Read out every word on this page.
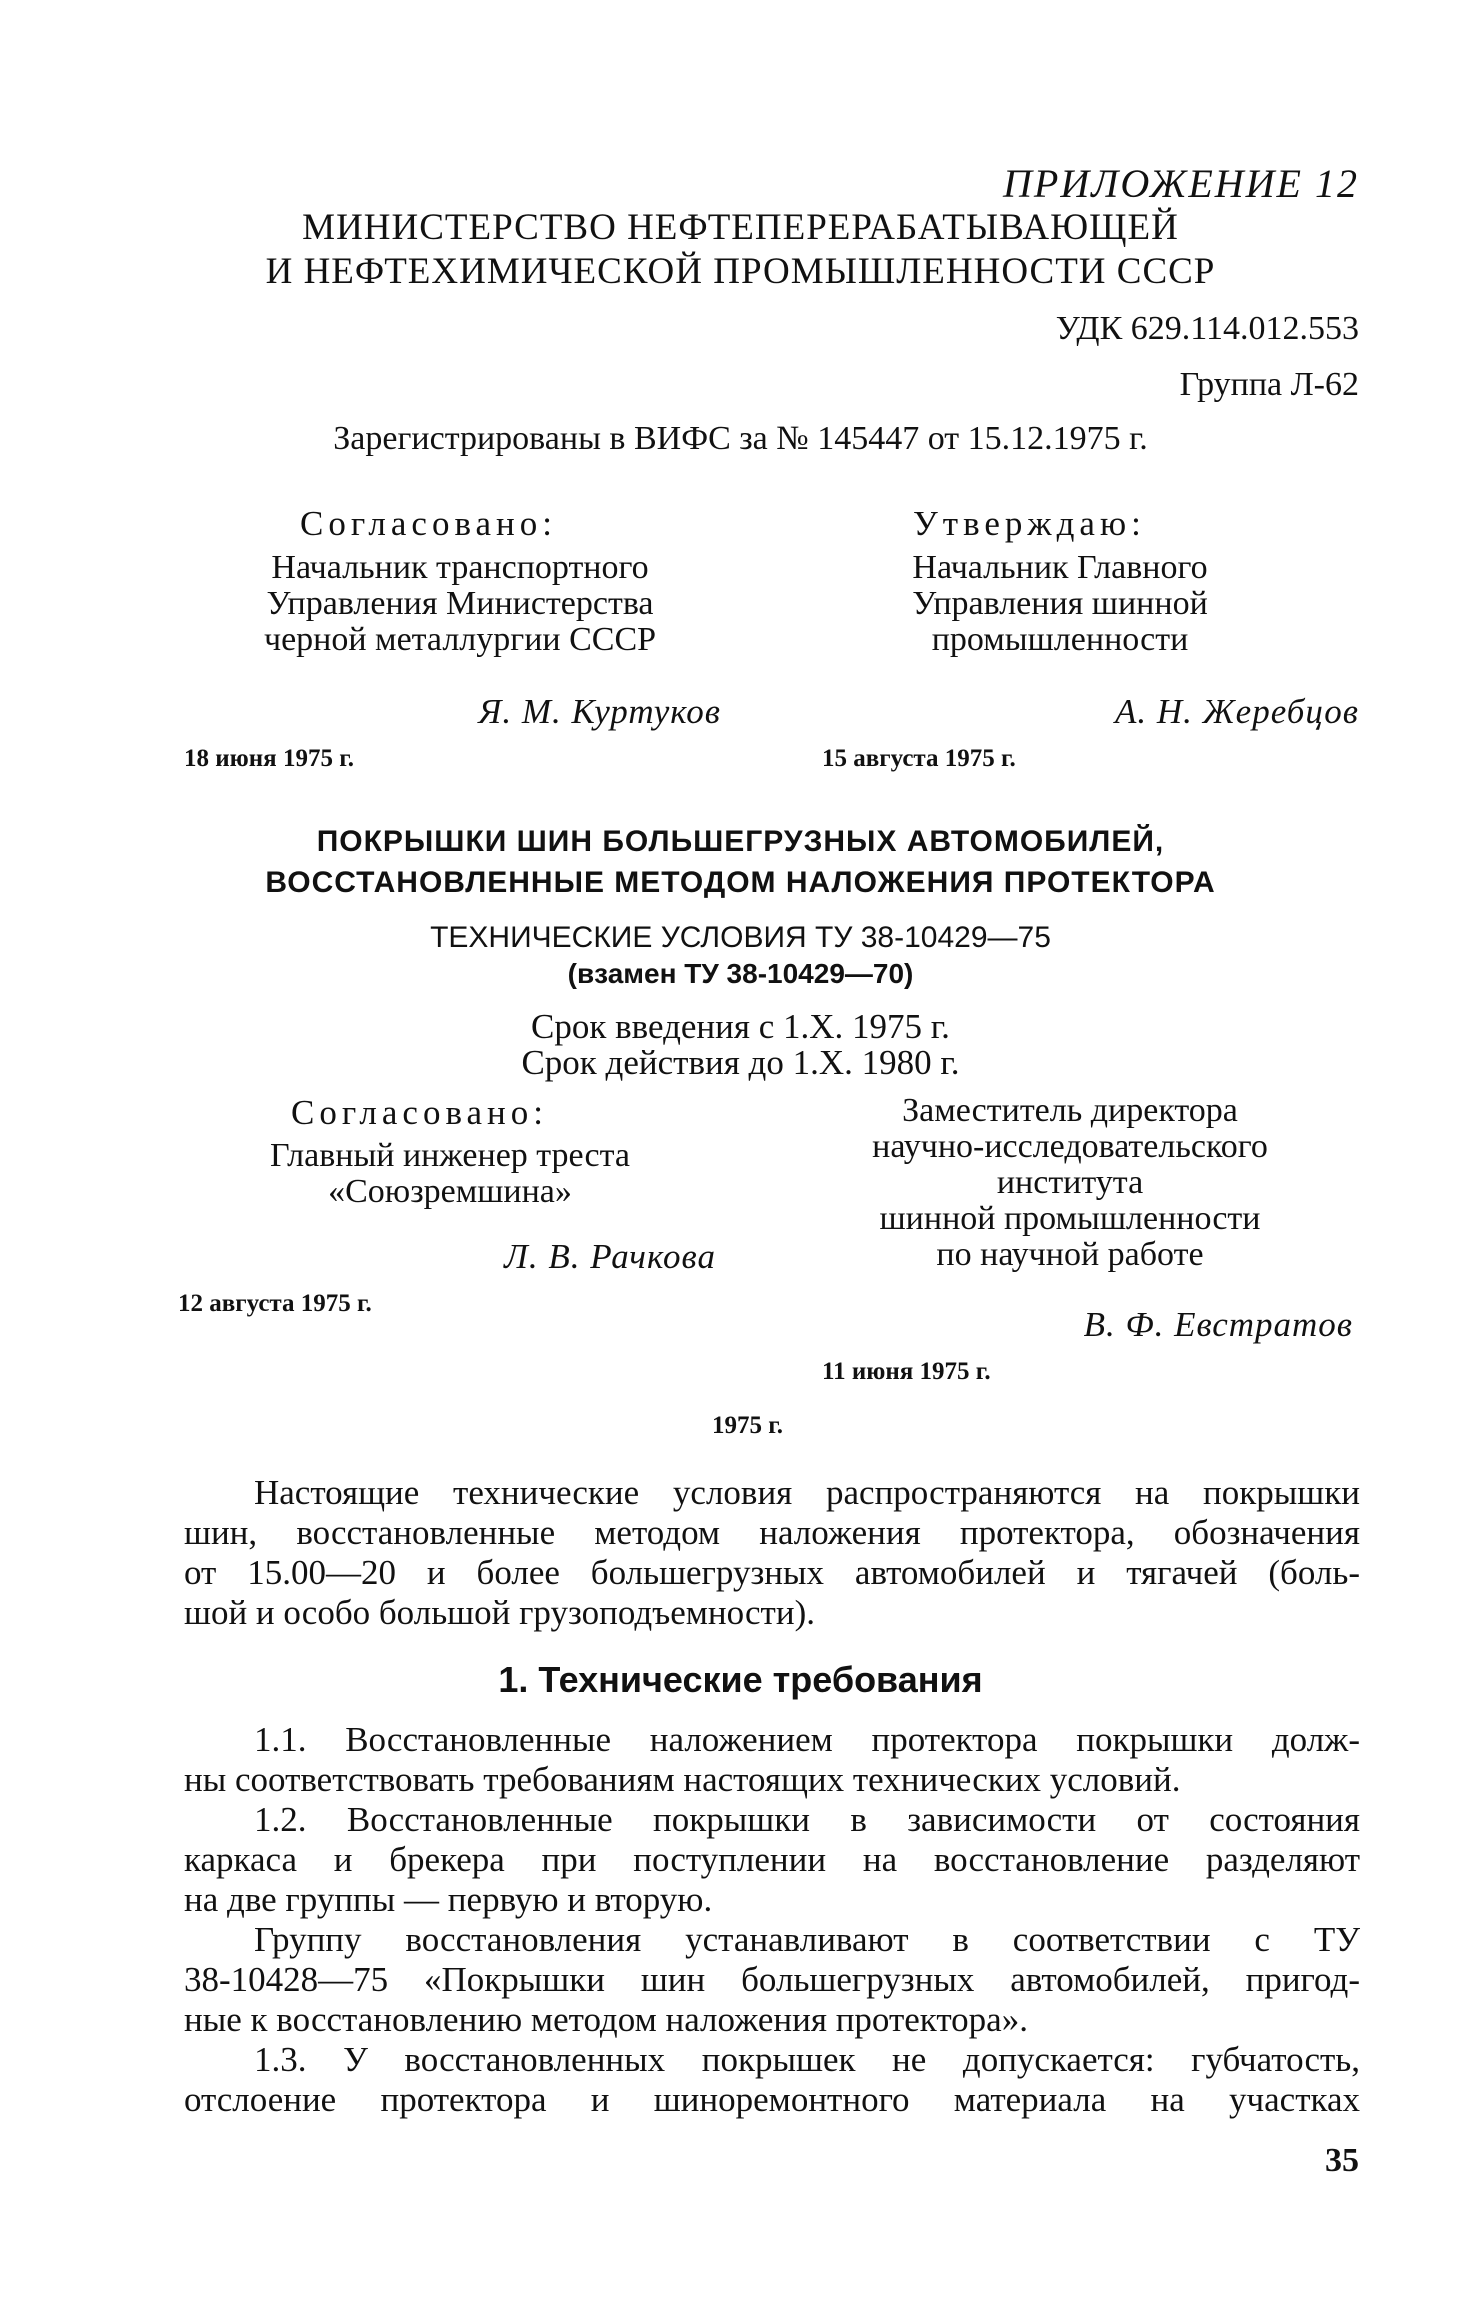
ПРИЛОЖЕНИЕ 12
МИНИСТЕРСТВО НЕФТЕПЕРЕРАБАТЫВАЮЩЕЙ
И НЕФТЕХИМИЧЕСКОЙ ПРОМЫШЛЕННОСТИ СССР
УДК 629.114.012.553
Группа Л-62
Зарегистрированы в ВИФС за № 145447 от 15.12.1975 г.
Согласовано:
Начальник транспортного
Управления Министерства
черной металлургии СССР
Я. М. Куртуков
18 июня 1975 г.
Утверждаю:
Начальник Главного
Управления шинной
промышленности
А. Н. Жеребцов
15 августа 1975 г.
ПОКРЫШКИ ШИН БОЛЬШЕГРУЗНЫХ АВТОМОБИЛЕЙ,
ВОССТАНОВЛЕННЫЕ МЕТОДОМ НАЛОЖЕНИЯ ПРОТЕКТОРА
ТЕХНИЧЕСКИЕ УСЛОВИЯ ТУ 38-10429—75
(взамен ТУ 38-10429—70)
Срок введения с 1.Х. 1975 г.
Срок действия до 1.Х. 1980 г.
Согласовано:
Главный инженер треста
«Союзремшина»
Л. В. Рачкова
12 августа 1975 г.
Заместитель директора
научно-исследовательского
института
шинной промышленности
по научной работе
В. Ф. Евстратов
11 июня 1975 г.
1975 г.
Настоящие технические условия распространяются на покрышки
шин, восстановленные методом наложения протектора, обозначения
от 15.00—20 и более большегрузных автомобилей и тягачей (боль-
шой и особо большой грузоподъемности).
1. Технические требования
1.1. Восстановленные наложением протектора покрышки долж-
ны соответствовать требованиям настоящих технических условий.
1.2. Восстановленные покрышки в зависимости от состояния
каркаса и брекера при поступлении на восстановление разделяют
на две группы — первую и вторую.
Группу восстановления устанавливают в соответствии с ТУ
38-10428—75 «Покрышки шин большегрузных автомобилей, пригод-
ные к восстановлению методом наложения протектора».
1.3. У восстановленных покрышек не допускается: губчатость,
отслоение протектора и шиноремонтного материала на участках
35
